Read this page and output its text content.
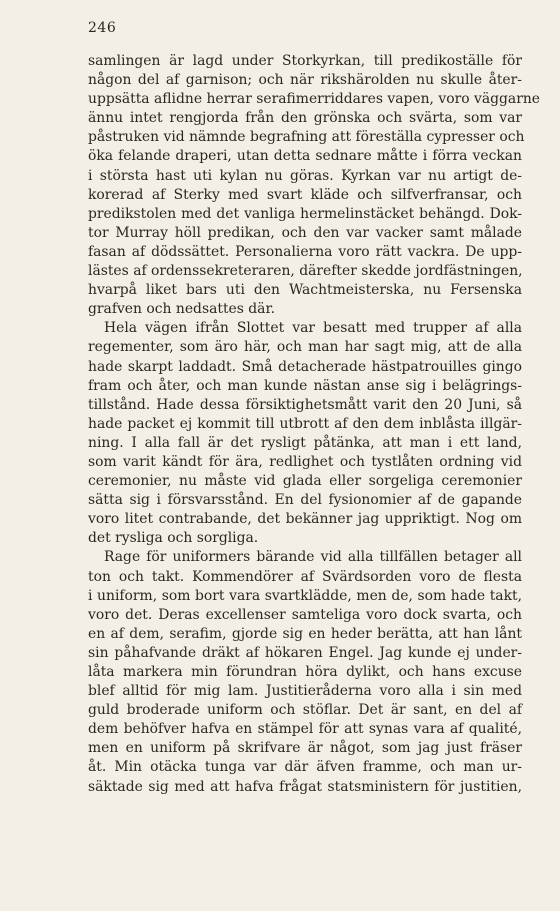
246
samlingen är lagd under Storkyrkan, till predikoställe för
någon del af garnison; och när rikshärolden nu skulle åter-
uppsätta aflidne herrar serafimerriddares vapen, voro väggarne
ännu intet rengjorda från den grönska och svärta, som var
påstruken vid nämnde begrafning att föreställa cypresser och
öka felande draperi, utan detta sednare måtte i förra veckan
i största hast uti kylan nu göras. Kyrkan var nu artigt de-
korerad af Sterky med svart kläde och silfverfransar, och
predikstolen med det vanliga hermelinstäcket behängd. Dok-
tor Murray höll predikan, och den var vacker samt målade
fasan af dödssättet. Personalierna voro rätt vackra. De upp-
lästes af ordenssekreteraren, därefter skedde jordfästningen,
hvarpå liket bars uti den Wachtmeisterska, nu Fersenska
grafven och nedsattes där.
Hela vägen ifrån Slottet var besatt med trupper af alla
regementer, som äro här, och man har sagt mig, att de alla
hade skarpt laddadt. Små detacherade hästpatrouilles gingo
fram och åter, och man kunde nästan anse sig i belägrings-
tillstånd. Hade dessa försiktighetsmått varit den 20 Juni, så
hade packet ej kommit till utbrott af den dem inblåsta illgär-
ning. I alla fall är det rysligt påtänka, att man i ett land,
som varit kändt för ära, redlighet och tystlåten ordning vid
ceremonier, nu måste vid glada eller sorgeliga ceremonier
sätta sig i försvarsstånd. En del fysionomier af de gapande
voro litet contrabande, det bekänner jag uppriktigt. Nog om
det rysliga och sorgliga.
Rage för uniformers bärande vid alla tillfällen betager all
ton och takt. Kommendörer af Svärdsorden voro de flesta
i uniform, som bort vara svartklädde, men de, som hade takt,
voro det. Deras excellenser samteliga voro dock svarta, och
en af dem, serafim, gjorde sig en heder berätta, att han lånt
sin påhafvande dräkt af hökaren Engel. Jag kunde ej under-
låta markera min förundran höra dylikt, och hans excuse
blef alltid för mig lam. Justitieråderna voro alla i sin med
guld broderade uniform och stöflar. Det är sant, en del af
dem behöfver hafva en stämpel för att synas vara af qualité,
men en uniform på skrifvare är något, som jag just fräser
åt. Min otäcka tunga var där äfven framme, och man ur-
säktade sig med att hafva frågat statsministern för justitien,
